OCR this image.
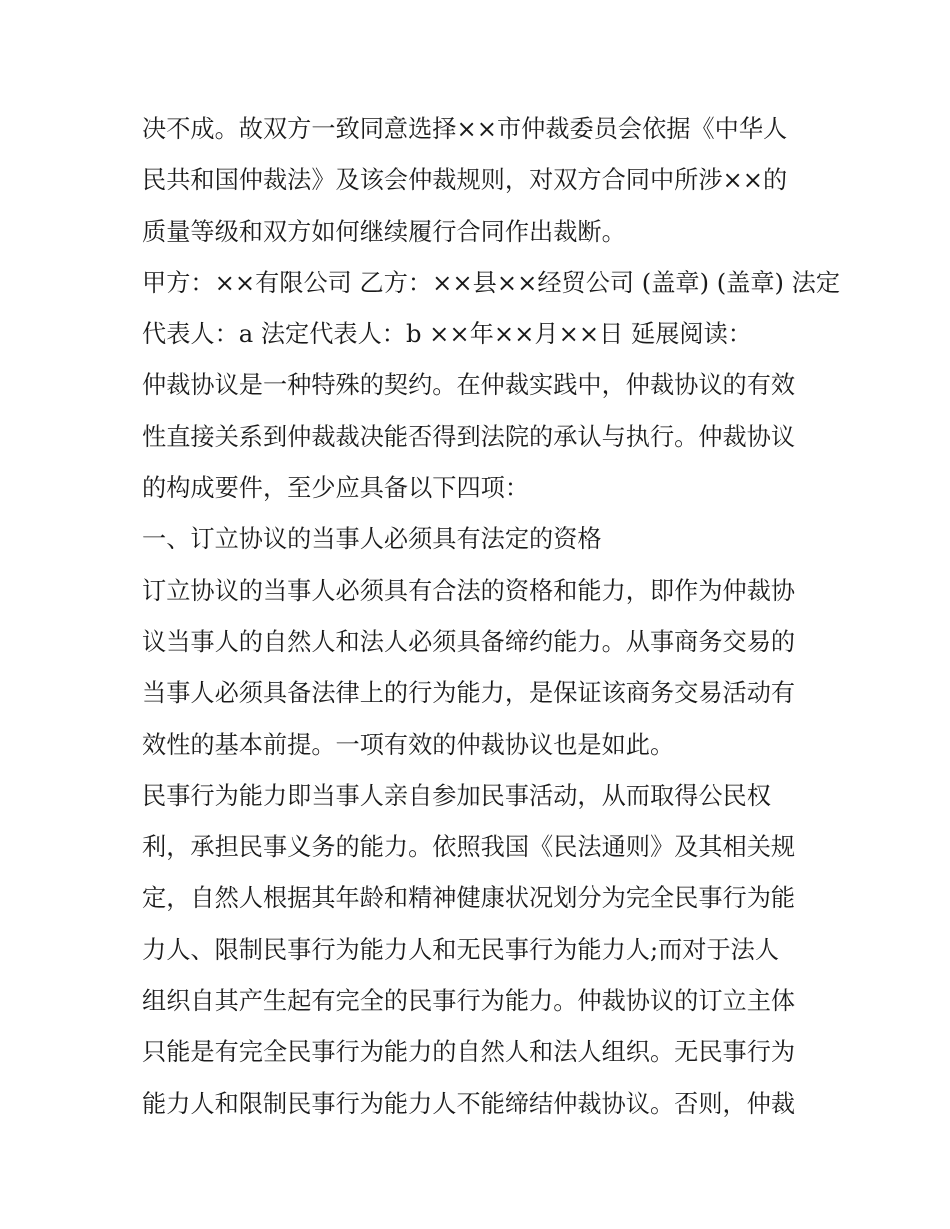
决不成。故双方一致同意选择××市仲裁委员会依据《中华人
民共和国仲裁法》及该会仲裁规则，对双方合同中所涉××的
质量等级和双方如何继续履行合同作出裁断。
甲方：××有限公司 乙方：××县××经贸公司 (盖章) (盖章) 法定
代表人：a 法定代表人：b ××年××月××日 延展阅读：
仲裁协议是一种特殊的契约。在仲裁实践中，仲裁协议的有效
性直接关系到仲裁裁决能否得到法院的承认与执行。仲裁协议
的构成要件，至少应具备以下四项：
一、订立协议的当事人必须具有法定的资格
订立协议的当事人必须具有合法的资格和能力，即作为仲裁协
议当事人的自然人和法人必须具备缔约能力。从事商务交易的
当事人必须具备法律上的行为能力，是保证该商务交易活动有
效性的基本前提。一项有效的仲裁协议也是如此。
民事行为能力即当事人亲自参加民事活动，从而取得公民权
利，承担民事义务的能力。依照我国《民法通则》及其相关规
定，自然人根据其年龄和精神健康状况划分为完全民事行为能
力人、限制民事行为能力人和无民事行为能力人;而对于法人
组织自其产生起有完全的民事行为能力。仲裁协议的订立主体
只能是有完全民事行为能力的自然人和法人组织。无民事行为
能力人和限制民事行为能力人不能缔结仲裁协议。否则，仲裁
